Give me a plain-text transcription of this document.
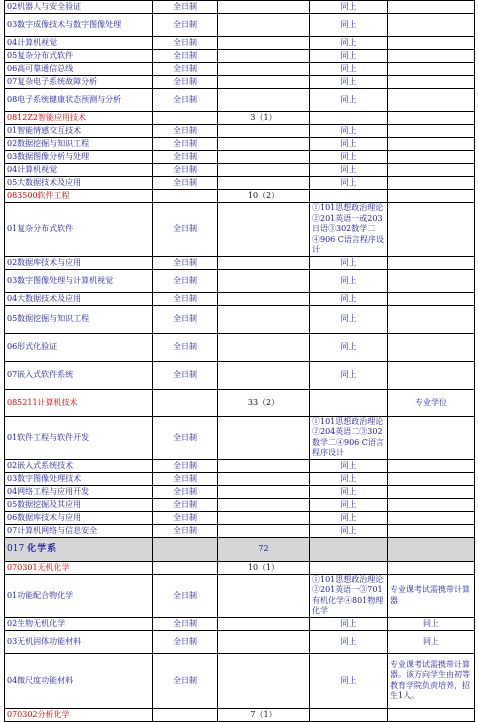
02机器人与安全验证	全日制		同上	
03数字成像技术与数字图像处理	全日制		同上	
04计算机视觉	全日制		同上	
05复杂分布式软件	全日制		同上	
06高可靠通信总线	全日制		同上	
07复杂电子系统故障分析	全日制		同上	
08电子系统健康状态预测与分析	全日制		同上	
0812Z2智能应用技术		3（1）		
01智能情感交互技术	全日制		同上	
02数据挖掘与知识工程	全日制		同上	
03数据图像分析与处理	全日制		同上	
04计算机视觉	全日制		同上	
05大数据技术及应用	全日制		同上	
083500软件工程		10（2）		
01复杂分布式软件	全日制		①101思想政治理论②201英语一或203日语③302数学二④906 C语言程序设计	
02数据库技术与应用	全日制		同上	
03数字图像处理与计算机视觉	全日制		同上	
04大数据技术及应用	全日制		同上	
05数据挖掘与知识工程	全日制		同上	
06形式化验证	全日制		同上	
07嵌入式软件系统	全日制		同上	
085211计算机技术		33（2）		专业学位
01软件工程与软件开发	全日制		①101思想政治理论②204英语二③302数学二④906 C语言程序设计	
02嵌入式系统技术	全日制		同上	
03数字图像处理技术	全日制		同上	
04网络工程与应用开发	全日制		同上	
05数据挖掘及其应用	全日制		同上	
06数据库技术与应用	全日制		同上	
07计算机网络与信息安全	全日制		同上	
017 化学系		72		
070301无机化学		10（1）		
01功能配合物化学	全日制		①101思想政治理论②201英语一③701有机化学④801物理化学	专业课考试需携带计算器
02生物无机化学	全日制		同上	同上
03无机固体功能材料	全日制		同上	同上
04微尺度功能材料	全日制		同上	专业课考试需携带计算器。该方向学生由初等教育学院负责培养，招生1人。
070302分析化学		7（1）		
